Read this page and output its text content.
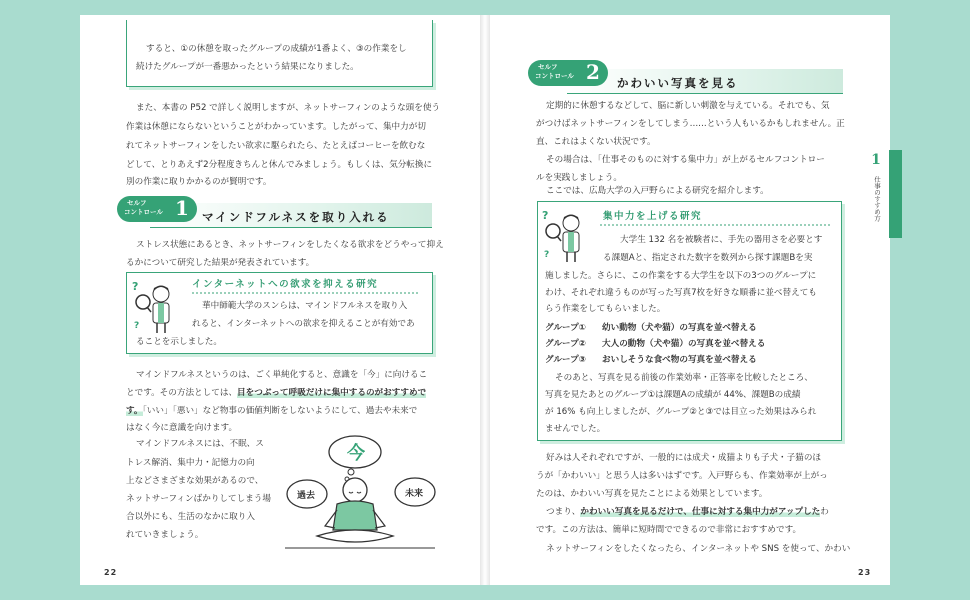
すると、①の休憩を取ったグループの成績が1番よく、③の作業をし
続けたグループが一番悪かったという結果になりました。
また、本書の P52 で詳しく説明しますが、ネットサーフィンのような頭を使う
作業は休憩にならないということがわかっています。したがって、集中力が切
れてネットサーフィンをしたい欲求に駆られたら、たとえばコーヒーを飲むな
どして、とりあえず2分程度きちんと休んでみましょう。もしくは、気分転換に
別の作業に取りかかるのが賢明です。
セルフ
コントロール 1 マインドフルネスを取り入れる
ストレス状態にあるとき、ネットサーフィンをしたくなる欲求をどうやって抑え
るかについて研究した結果が発表されています。
?
?
インターネットへの欲求を抑える研究
華中師範大学のスンらは、マインドフルネスを取り入
れると、インターネットへの欲求を抑えることが有効であ
ることを示しました。
マインドフルネスというのは、ごく単純化すると、意識を「今」に向けるこ
とです。その方法としては、目をつぶって呼吸だけに集中するのがおすすめで
す。「いい」「悪い」など物事の価値判断をしないようにして、過去や未来で
はなく今に意識を向けます。
マインドフルネスには、不眠、ス
トレス解消、集中力・記憶力の向
上などさまざまな効果があるので、
ネットサーフィンばかりしてしまう場
合以外にも、生活のなかに取り入
れていきましょう。
今
過去	未来
22
セルフ
コントロール 2 かわいい写真を見る
定期的に休憩するなどして、脳に新しい刺激を与えている。それでも、気
がつけばネットサーフィンをしてしまう……という人もいるかもしれません。正
直、これはよくない状況です。
その場合は、「仕事そのものに対する集中力」が上がるセルフコントロー
ルを実践しましょう。
ここでは、広島大学の入戸野らによる研究を紹介します。
?
?
集中力を上げる研究
大学生 132 名を被験者に、手先の器用さを必要とす
る課題Aと、指定された数字を数列から探す課題Bを実
施しました。さらに、この作業をする大学生を以下の3つのグループに
わけ、それぞれ違うものが写った写真7枚を好きな順番に並べ替えても
らう作業をしてもらいました。
グループ① 幼い動物（犬や猫）の写真を並べ替える
グループ② 大人の動物（犬や猫）の写真を並べ替える
グループ③ おいしそうな食べ物の写真を並べ替える
そのあと、写真を見る前後の作業効率・正答率を比較したところ、
写真を見たあとのグループ①は課題Aの成績が 44%、課題Bの成績
が 16% も向上しましたが、グループ②と③では目立った効果はみられ
ませんでした。
好みは人それぞれですが、一般的には成犬・成猫よりも子犬・子猫のほ
うが「かわいい」と思う人は多いはずです。入戸野らも、作業効率が上がっ
たのは、かわいい写真を見たことによる効果としています。
つまり、かわいい写真を見るだけで、仕事に対する集中力がアップしたわ
です。この方法は、簡単に短時間でできるので非常におすすめです。
ネットサーフィンをしたくなったら、インターネットや SNS を使って、かわい
23
1
仕事のすすめ方
